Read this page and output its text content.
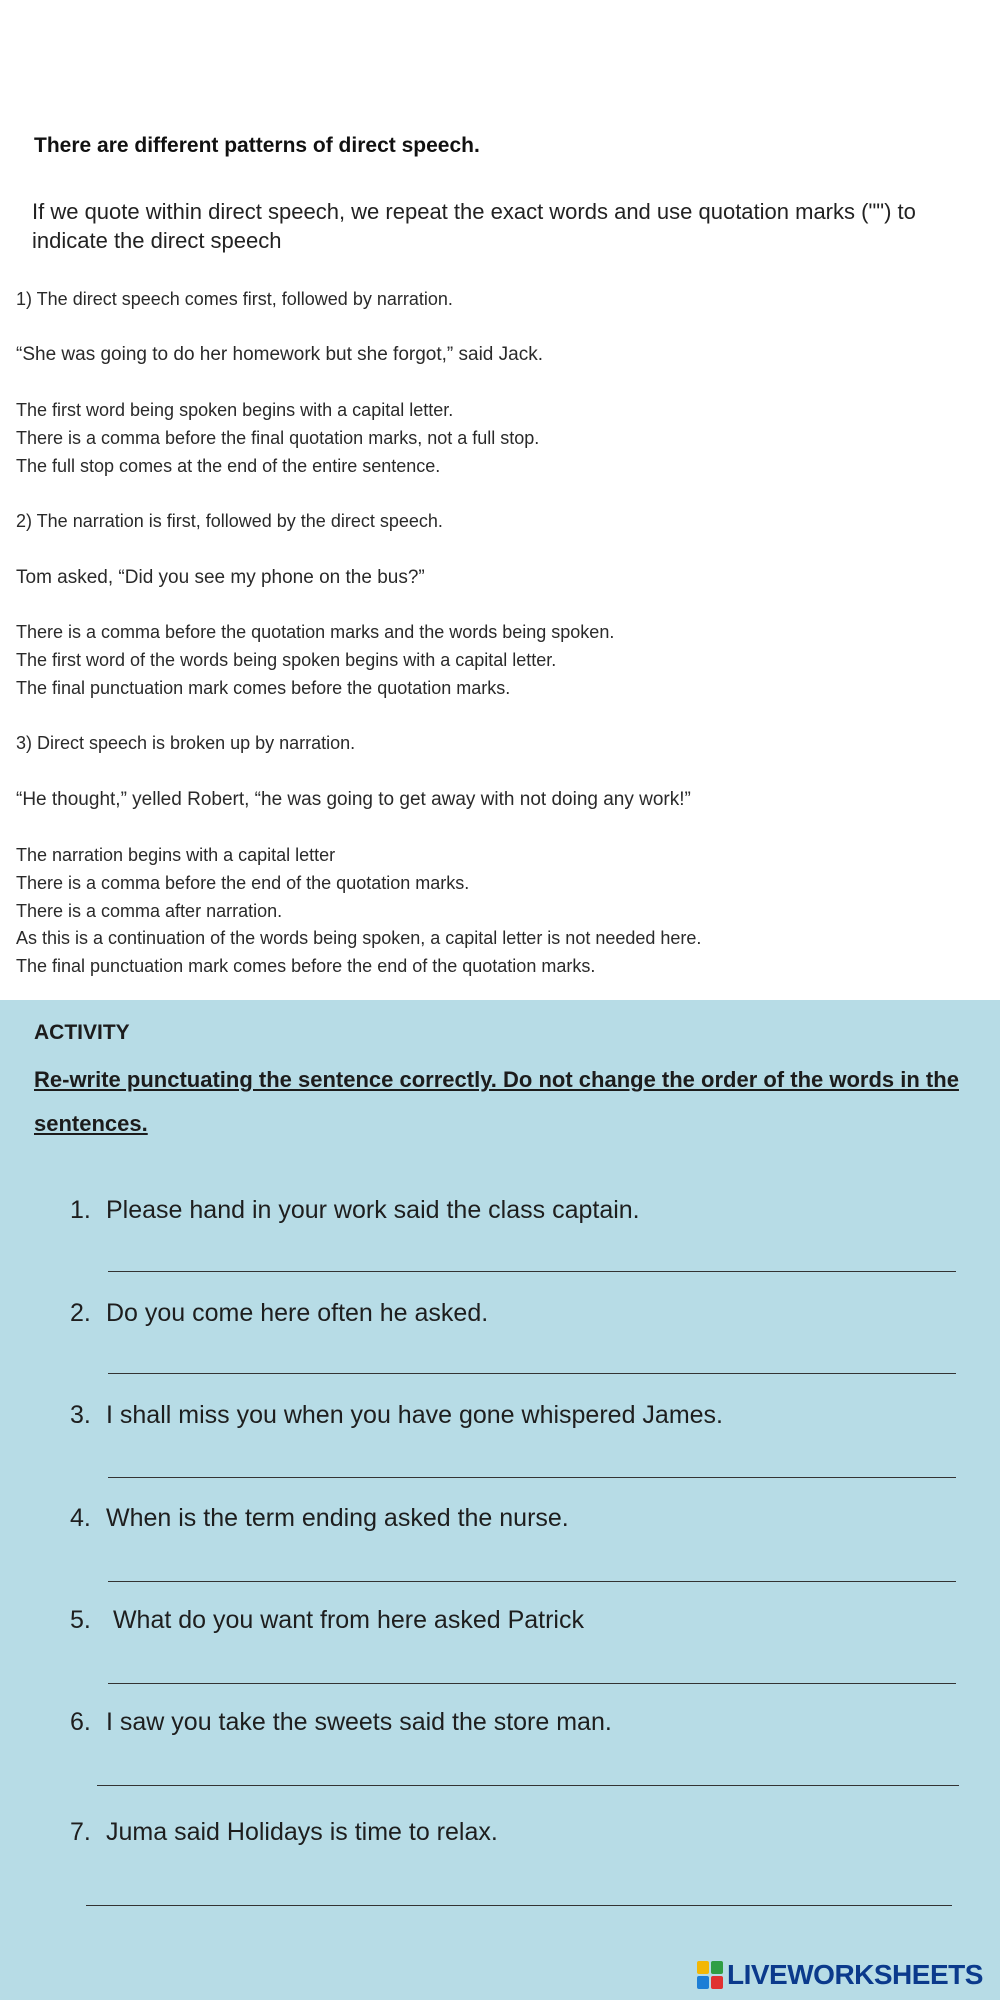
There are different patterns of direct speech.
If we quote within direct speech, we repeat the exact words and use quotation marks ("") to indicate the direct speech
1) The direct speech comes first, followed by narration.
“She was going to do her homework but she forgot,” said Jack.
The first word being spoken begins with a capital letter.
There is a comma before the final quotation marks, not a full stop.
The full stop comes at the end of the entire sentence.
2) The narration is first, followed by the direct speech.
Tom asked, “Did you see my phone on the bus?”
There is a comma before the quotation marks and the words being spoken.
The first word of the words being spoken begins with a capital letter.
The final punctuation mark comes before the quotation marks.
3) Direct speech is broken up by narration.
“He thought,” yelled Robert, “he was going to get away with not doing any work!”
The narration begins with a capital letter
There is a comma before the end of the quotation marks.
There is a comma after narration.
As this is a continuation of the words being spoken, a capital letter is not needed here.
The final punctuation mark comes before the end of the quotation marks.
ACTIVITY
Re-write punctuating the sentence correctly. Do not change the order of the words in the sentences.
1. Please hand in your work said the class captain.
2. Do you come here often he asked.
3. I shall miss you when you have gone whispered James.
4. When is the term ending asked the nurse.
5. What do you want from here asked Patrick
6. I saw you take the sweets said the store man.
7. Juma said Holidays is time to relax.
LIVEWORKSHEETS
